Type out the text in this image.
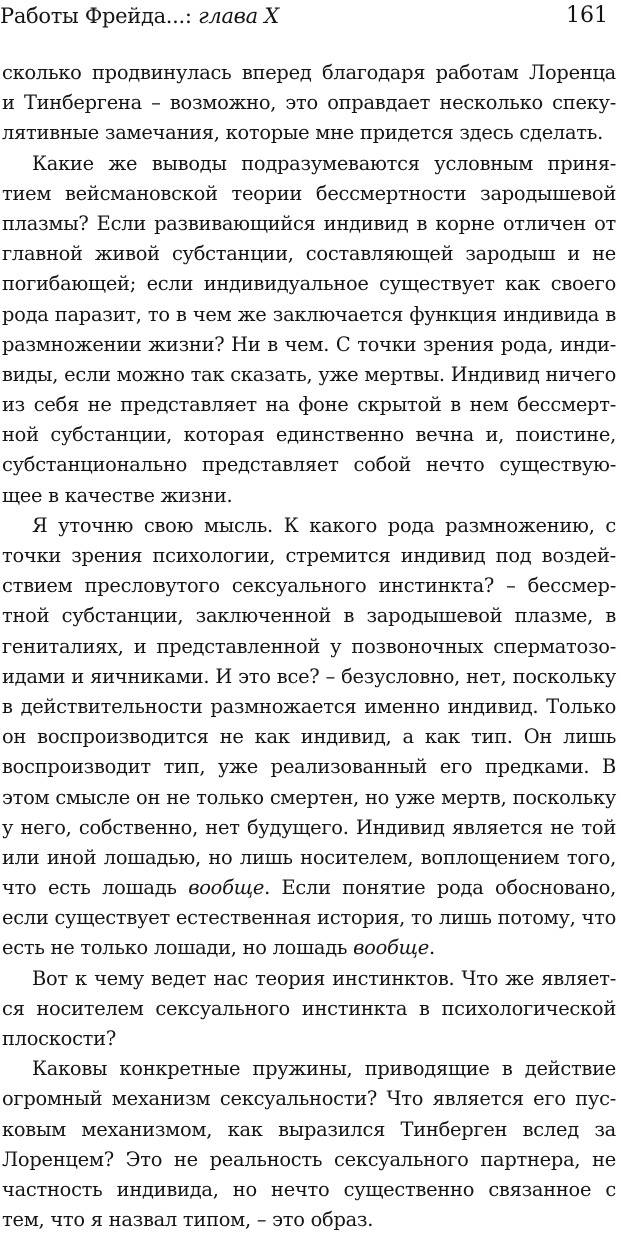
Работы Фрейда...: глава X	161
сколько продвинулась вперед благодаря работам Лоренца
и Тинбергена – возможно, это оправдает несколько спеку-
лятивные замечания, которые мне придется здесь сделать.
Какие же выводы подразумеваются условным приня-
тием вейсмановской теории бессмертности зародышевой
плазмы? Если развивающийся индивид в корне отличен от
главной живой субстанции, составляющей зародыш и не
погибающей; если индивидуальное существует как своего
рода паразит, то в чем же заключается функция индивида в
размножении жизни? Ни в чем. С точки зрения рода, инди-
виды, если можно так сказать, уже мертвы. Индивид ничего
из себя не представляет на фоне скрытой в нем бессмерт-
ной субстанции, которая единственно вечна и, поистине,
субстанционально представляет собой нечто существую-
щее в качестве жизни.
Я уточню свою мысль. К какого рода размножению, с
точки зрения психологии, стремится индивид под воздей-
ствием пресловутого сексуального инстинкта? – бессмер-
тной субстанции, заключенной в зародышевой плазме, в
гениталиях, и представленной у позвоночных сперматозо-
идами и яичниками. И это все? – безусловно, нет, поскольку
в действительности размножается именно индивид. Только
он воспроизводится не как индивид, а как тип. Он лишь
воспроизводит тип, уже реализованный его предками. В
этом смысле он не только смертен, но уже мертв, поскольку
у него, собственно, нет будущего. Индивид является не той
или иной лошадью, но лишь носителем, воплощением того,
что есть лошадь вообще. Если понятие рода обосновано,
если существует естественная история, то лишь потому, что
есть не только лошади, но лошадь вообще.
Вот к чему ведет нас теория инстинктов. Что же являет-
ся носителем сексуального инстинкта в психологической
плоскости?
Каковы конкретные пружины, приводящие в действие
огромный механизм сексуальности? Что является его пус-
ковым механизмом, как выразился Тинберген вслед за
Лоренцем? Это не реальность сексуального партнера, не
частность индивида, но нечто существенно связанное с
тем, что я назвал типом, – это образ.
